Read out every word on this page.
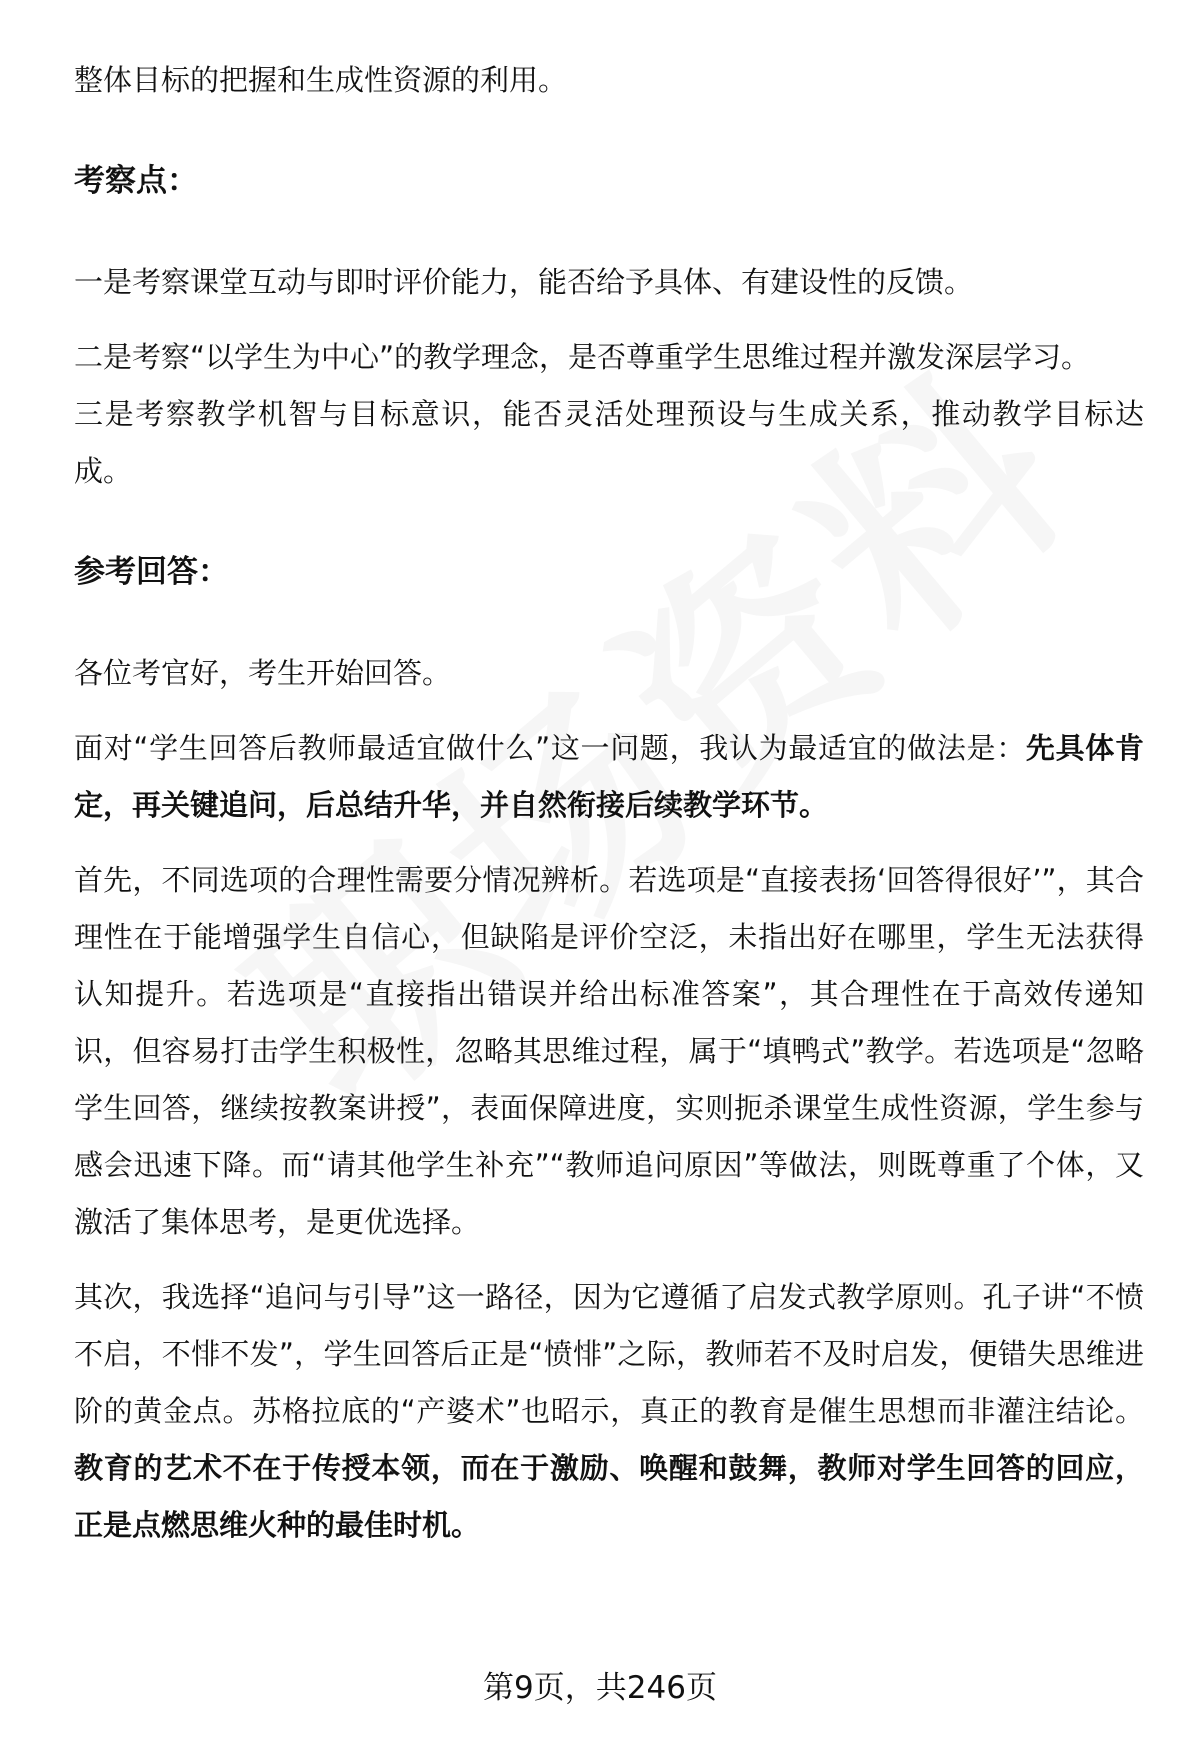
整体目标的把握和生成性资源的利用。

考察点：

一是考察课堂互动与即时评价能力，能否给予具体、有建设性的反馈。

二是考察“以学生为中心”的教学理念，是否尊重学生思维过程并激发深层学习。

三是考察教学机智与目标意识，能否灵活处理预设与生成关系，推动教学目标达成。

参考回答：

各位考官好，考生开始回答。

面对“学生回答后教师最适宜做什么”这一问题，我认为最适宜的做法是：先具体肯定，再关键追问，后总结升华，并自然衔接后续教学环节。

首先，不同选项的合理性需要分情况辨析。若选项是“直接表扬‘回答得很好’”，其合理性在于能增强学生自信心，但缺陷是评价空泛，未指出好在哪里，学生无法获得认知提升。若选项是“直接指出错误并给出标准答案”，其合理性在于高效传递知识，但容易打击学生积极性，忽略其思维过程，属于“填鸭式”教学。若选项是“忽略学生回答，继续按教案讲授”，表面保障进度，实则扼杀课堂生成性资源，学生参与感会迅速下降。而“请其他学生补充”“教师追问原因”等做法，则既尊重了个体，又激活了集体思考，是更优选择。

其次，我选择“追问与引导”这一路径，因为它遵循了启发式教学原则。孔子讲“不愤不启，不悱不发”，学生回答后正是“愤悱”之际，教师若不及时启发，便错失思维进阶的黄金点。苏格拉底的“产婆术”也昭示，真正的教育是催生思想而非灌注结论。教育的艺术不在于传授本领，而在于激励、唤醒和鼓舞，教师对学生回答的回应，正是点燃思维火种的最佳时机。

第9页，共246页
